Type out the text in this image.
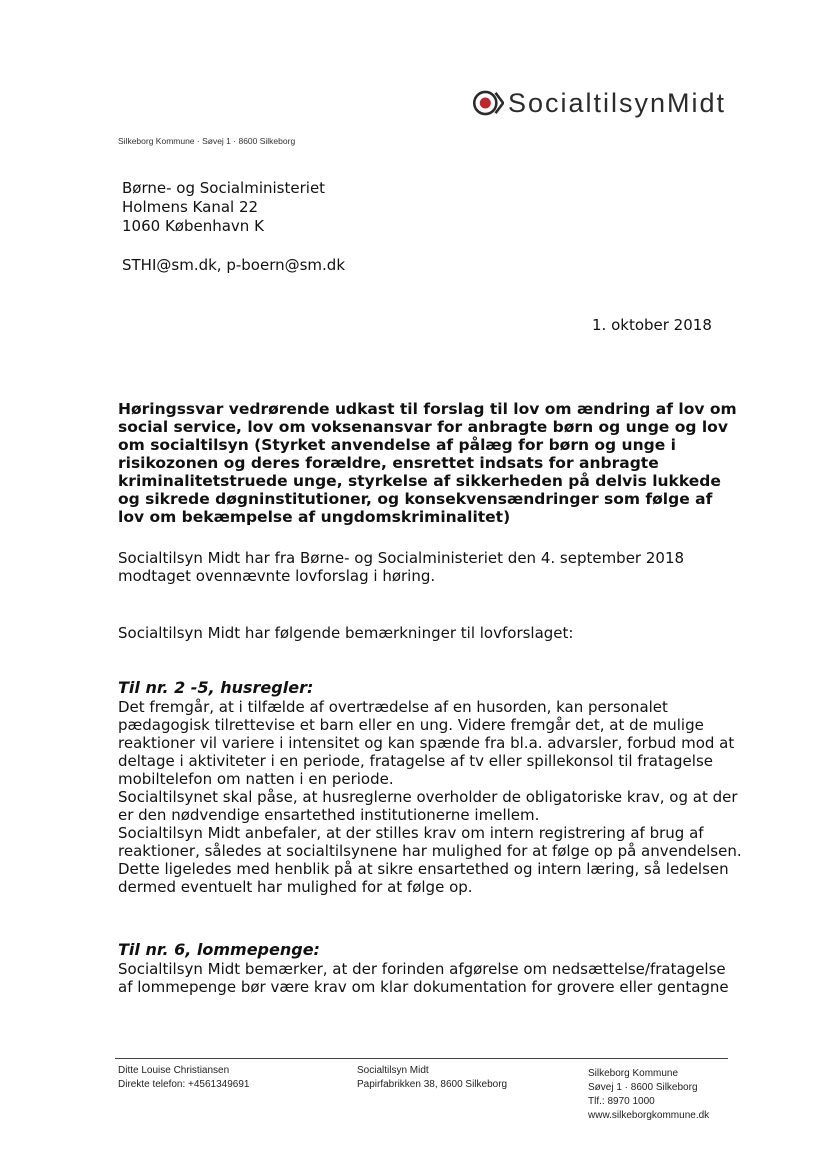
SocialtilsynMidt
Silkeborg Kommune · Søvej 1 · 8600 Silkeborg
Børne- og Socialministeriet
Holmens Kanal 22
1060 København K
STHI@sm.dk, p-boern@sm.dk
1. oktober 2018
Høringssvar vedrørende udkast til forslag til lov om ændring af lov om social service, lov om voksenansvar for anbragte børn og unge og lov om socialtilsyn (Styrket anvendelse af pålæg for børn og unge i risikozonen og deres forældre, ensrettet indsats for anbragte kriminalitetstruede unge, styrkelse af sikkerheden på delvis lukkede og sikrede døgninstitutioner, og konsekvensændringer som følge af lov om bekæmpelse af ungdomskriminalitet)
Socialtilsyn Midt har fra Børne- og Socialministeriet den 4. september 2018 modtaget ovennævnte lovforslag i høring.
Socialtilsyn Midt har følgende bemærkninger til lovforslaget:
Til nr. 2 -5, husregler:
Det fremgår, at i tilfælde af overtrædelse af en husorden, kan personalet
pædagogisk tilrettevise et barn eller en ung. Videre fremgår det, at de mulige
reaktioner vil variere i intensitet og kan spænde fra bl.a. advarsler, forbud mod at
deltage i aktiviteter i en periode, fratagelse af tv eller spillekonsol til fratagelse
mobiltelefon om natten i en periode.
Socialtilsynet skal påse, at husreglerne overholder de obligatoriske krav, og at der
er den nødvendige ensartethed institutionerne imellem.
Socialtilsyn Midt anbefaler, at der stilles krav om intern registrering af brug af
reaktioner, således at socialtilsynene har mulighed for at følge op på anvendelsen.
Dette ligeledes med henblik på at sikre ensartethed og intern læring, så ledelsen
dermed eventuelt har mulighed for at følge op.
Til nr. 6, lommepenge:
Socialtilsyn Midt bemærker, at der forinden afgørelse om nedsættelse/fratagelse
af lommepenge bør være krav om klar dokumentation for grovere eller gentagne
Ditte Louise Christiansen
Direkte telefon: +4561349691
Socialtilsyn Midt
Papirfabrikken 38, 8600 Silkeborg
Silkeborg Kommune
Søvej 1 · 8600 Silkeborg
Tlf.: 8970 1000
www.silkeborgkommune.dk
